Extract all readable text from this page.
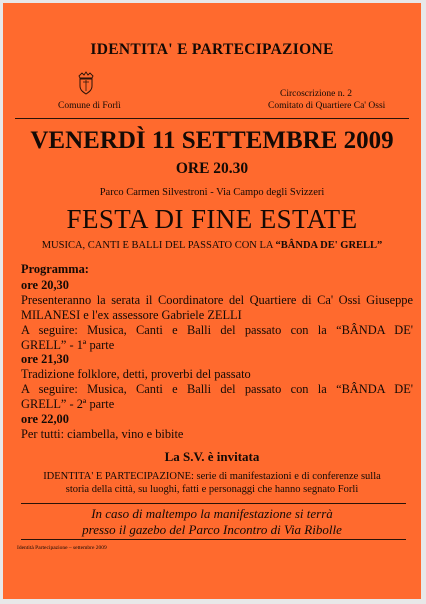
IDENTITA' E PARTECIPAZIONE
Comune di Forlì
Circoscrizione n. 2
Comitato di Quartiere Ca' Ossi
VENERDÌ 11 SETTEMBRE 2009
ORE 20.30
Parco Carmen Silvestroni - Via Campo degli Svizzeri
FESTA DI FINE ESTATE
MUSICA, CANTI E BALLI DEL PASSATO CON LA “BÂNDA DE' GRELL”
Programma:
ore 20,30
Presenteranno la serata il Coordinatore del Quartiere di Ca' Ossi Giuseppe
MILANESI e l'ex assessore Gabriele ZELLI
A seguire: Musica, Canti e Balli del passato con la “BÂNDA DE'
GRELL” - 1ª parte
ore 21,30
Tradizione folklore, detti, proverbi del passato
A seguire: Musica, Canti e Balli del passato con la “BÂNDA DE'
GRELL” - 2ª parte
ore 22,00
Per tutti: ciambella, vino e bibite
La S.V. è invitata
IDENTITA' E PARTECIPAZIONE: serie di manifestazioni e di conferenze sulla
storia della città, su luoghi, fatti e personaggi che hanno segnato Forlì
In caso di maltempo la manifestazione si terrà
presso il gazebo del Parco Incontro di Via Ribolle
Identità Partecipazione – settembre 2009
